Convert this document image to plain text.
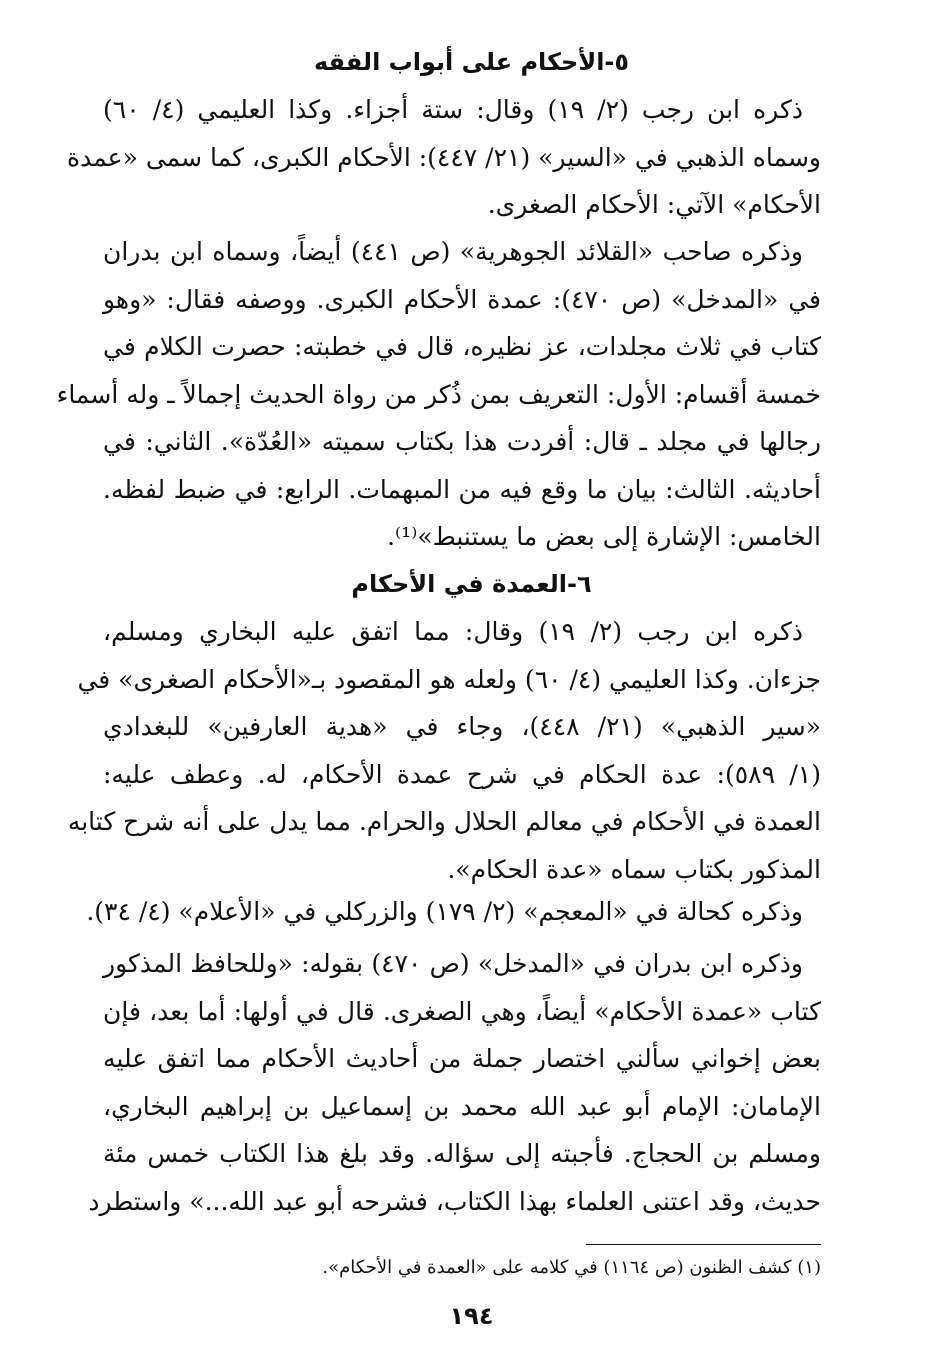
٥-الأحكام على أبواب الفقه
ذكره ابن رجب (٢/ ١٩) وقال: ستة أجزاء. وكذا العليمي (٤/ ٦٠)
وسماه الذهبي في «السير» (٢١/ ٤٤٧): الأحكام الكبرى، كما سمى «عمدة
الأحكام» الآتي: الأحكام الصغرى.
وذكره صاحب «القلائد الجوهرية» (ص ٤٤١) أيضاً، وسماه ابن بدران
في «المدخل» (ص ٤٧٠): عمدة الأحكام الكبرى. ووصفه فقال: «وهو
كتاب في ثلاث مجلدات، عز نظيره، قال في خطبته: حصرت الكلام في
خمسة أقسام: الأول: التعريف بمن ذُكر من رواة الحديث إجمالاً ـ وله أسماء
رجالها في مجلد ـ قال: أفردت هذا بكتاب سميته «العُدّة». الثاني: في
أحاديثه. الثالث: بيان ما وقع فيه من المبهمات. الرابع: في ضبط لفظه.
الخامس: الإشارة إلى بعض ما يستنبط»⁽¹⁾.
٦-العمدة في الأحكام
ذكره ابن رجب (٢/ ١٩) وقال: مما اتفق عليه البخاري ومسلم،
جزءان. وكذا العليمي (٤/ ٦٠) ولعله هو المقصود بـ«الأحكام الصغرى» في
«سير الذهبي» (٢١/ ٤٤٨)، وجاء في «هدية العارفين» للبغدادي
(١/ ٥٨٩): عدة الحكام في شرح عمدة الأحكام، له. وعطف عليه:
العمدة في الأحكام في معالم الحلال والحرام. مما يدل على أنه شرح كتابه
المذكور بكتاب سماه «عدة الحكام».
وذكره كحالة في «المعجم» (٢/ ١٧٩) والزركلي في «الأعلام» (٤/ ٣٤).
وذكره ابن بدران في «المدخل» (ص ٤٧٠) بقوله: «وللحافظ المذكور
كتاب «عمدة الأحكام» أيضاً، وهي الصغرى. قال في أولها: أما بعد، فإن
بعض إخواني سألني اختصار جملة من أحاديث الأحكام مما اتفق عليه
الإمامان: الإمام أبو عبد الله محمد بن إسماعيل بن إبراهيم البخاري،
ومسلم بن الحجاج. فأجبته إلى سؤاله. وقد بلغ هذا الكتاب خمس مئة
حديث، وقد اعتنى العلماء بهذا الكتاب، فشرحه أبو عبد الله...» واستطرد
(١) كشف الظنون (ص ١١٦٤) في كلامه على «العمدة في الأحكام».
١٩٤
